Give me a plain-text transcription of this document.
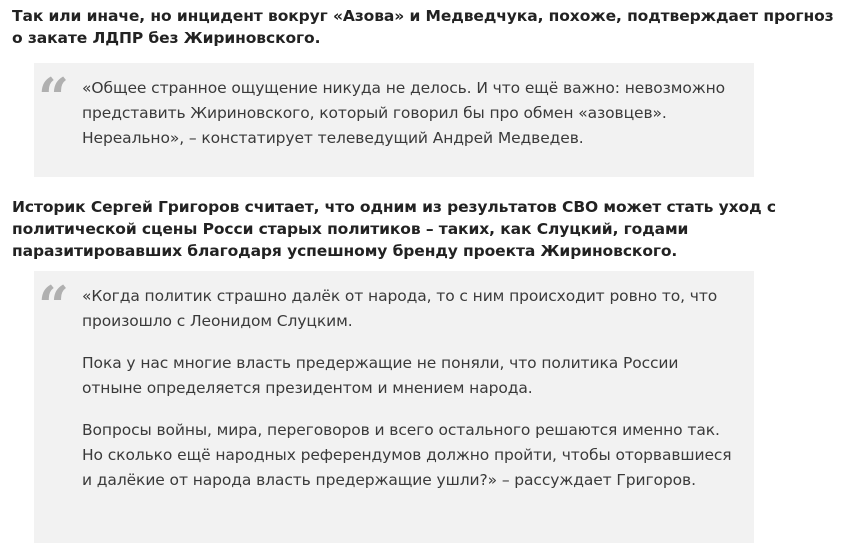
Так или иначе, но инцидент вокруг «Азова» и Медведчука, похоже, подтверждает прогноз о закате ЛДПР без Жириновского.

“ «Общее странное ощущение никуда не делось. И что ещё важно: невозможно представить Жириновского, который говорил бы про обмен «азовцев». Нереально», – констатирует телеведущий Андрей Медведев.

Историк Сергей Григоров считает, что одним из результатов СВО может стать уход с политической сцены Росси старых политиков – таких, как Слуцкий, годами паразитировавших благодаря успешному бренду проекта Жириновского.

“ «Когда политик страшно далёк от народа, то с ним происходит ровно то, что произошло с Леонидом Слуцким.

Пока у нас многие власть предержащие не поняли, что политика России отныне определяется президентом и мнением народа.

Вопросы войны, мира, переговоров и всего остального решаются именно так. Но сколько ещё народных референдумов должно пройти, чтобы оторвавшиеся и далёкие от народа власть предержащие ушли?» – рассуждает Григоров.
